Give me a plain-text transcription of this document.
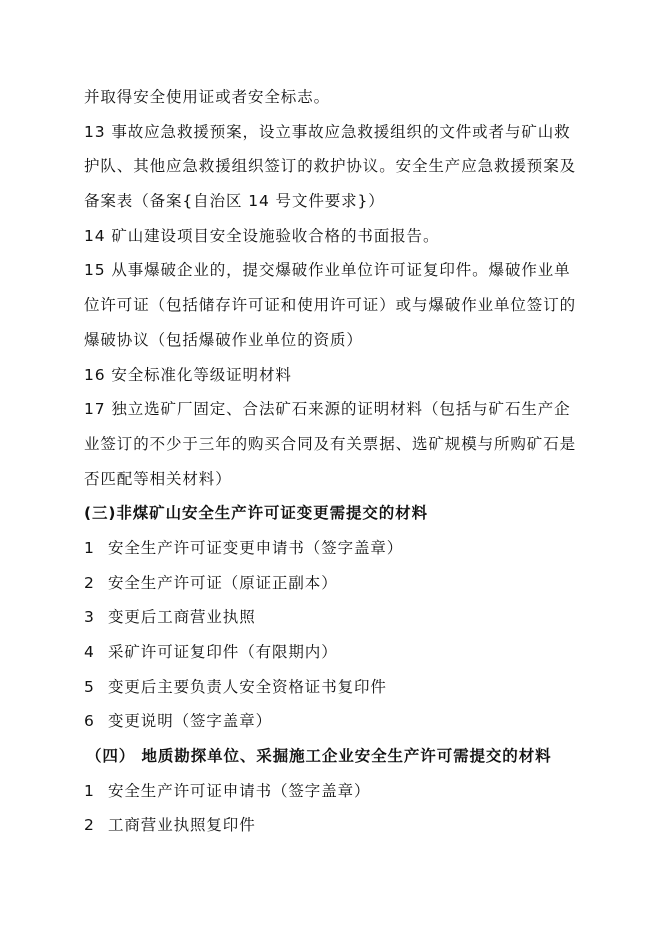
并取得安全使用证或者安全标志。
13 事故应急救援预案，设立事故应急救援组织的文件或者与矿山救
护队、其他应急救援组织签订的救护协议。安全生产应急救援预案及
备案表（备案{自治区 14 号文件要求}）
14 矿山建设项目安全设施验收合格的书面报告。
15 从事爆破企业的，提交爆破作业单位许可证复印件。爆破作业单
位许可证（包括储存许可证和使用许可证）或与爆破作业单位签订的
爆破协议（包括爆破作业单位的资质）
16 安全标准化等级证明材料
17 独立选矿厂固定、合法矿石来源的证明材料（包括与矿石生产企
业签订的不少于三年的购买合同及有关票据、选矿规模与所购矿石是
否匹配等相关材料）
(三)非煤矿山安全生产许可证变更需提交的材料
1 安全生产许可证变更申请书（签字盖章）
2 安全生产许可证（原证正副本）
3 变更后工商营业执照
4 采矿许可证复印件（有限期内）
5 变更后主要负责人安全资格证书复印件
6 变更说明（签字盖章）
（四） 地质勘探单位、采掘施工企业安全生产许可需提交的材料
1 安全生产许可证申请书（签字盖章）
2 工商营业执照复印件
